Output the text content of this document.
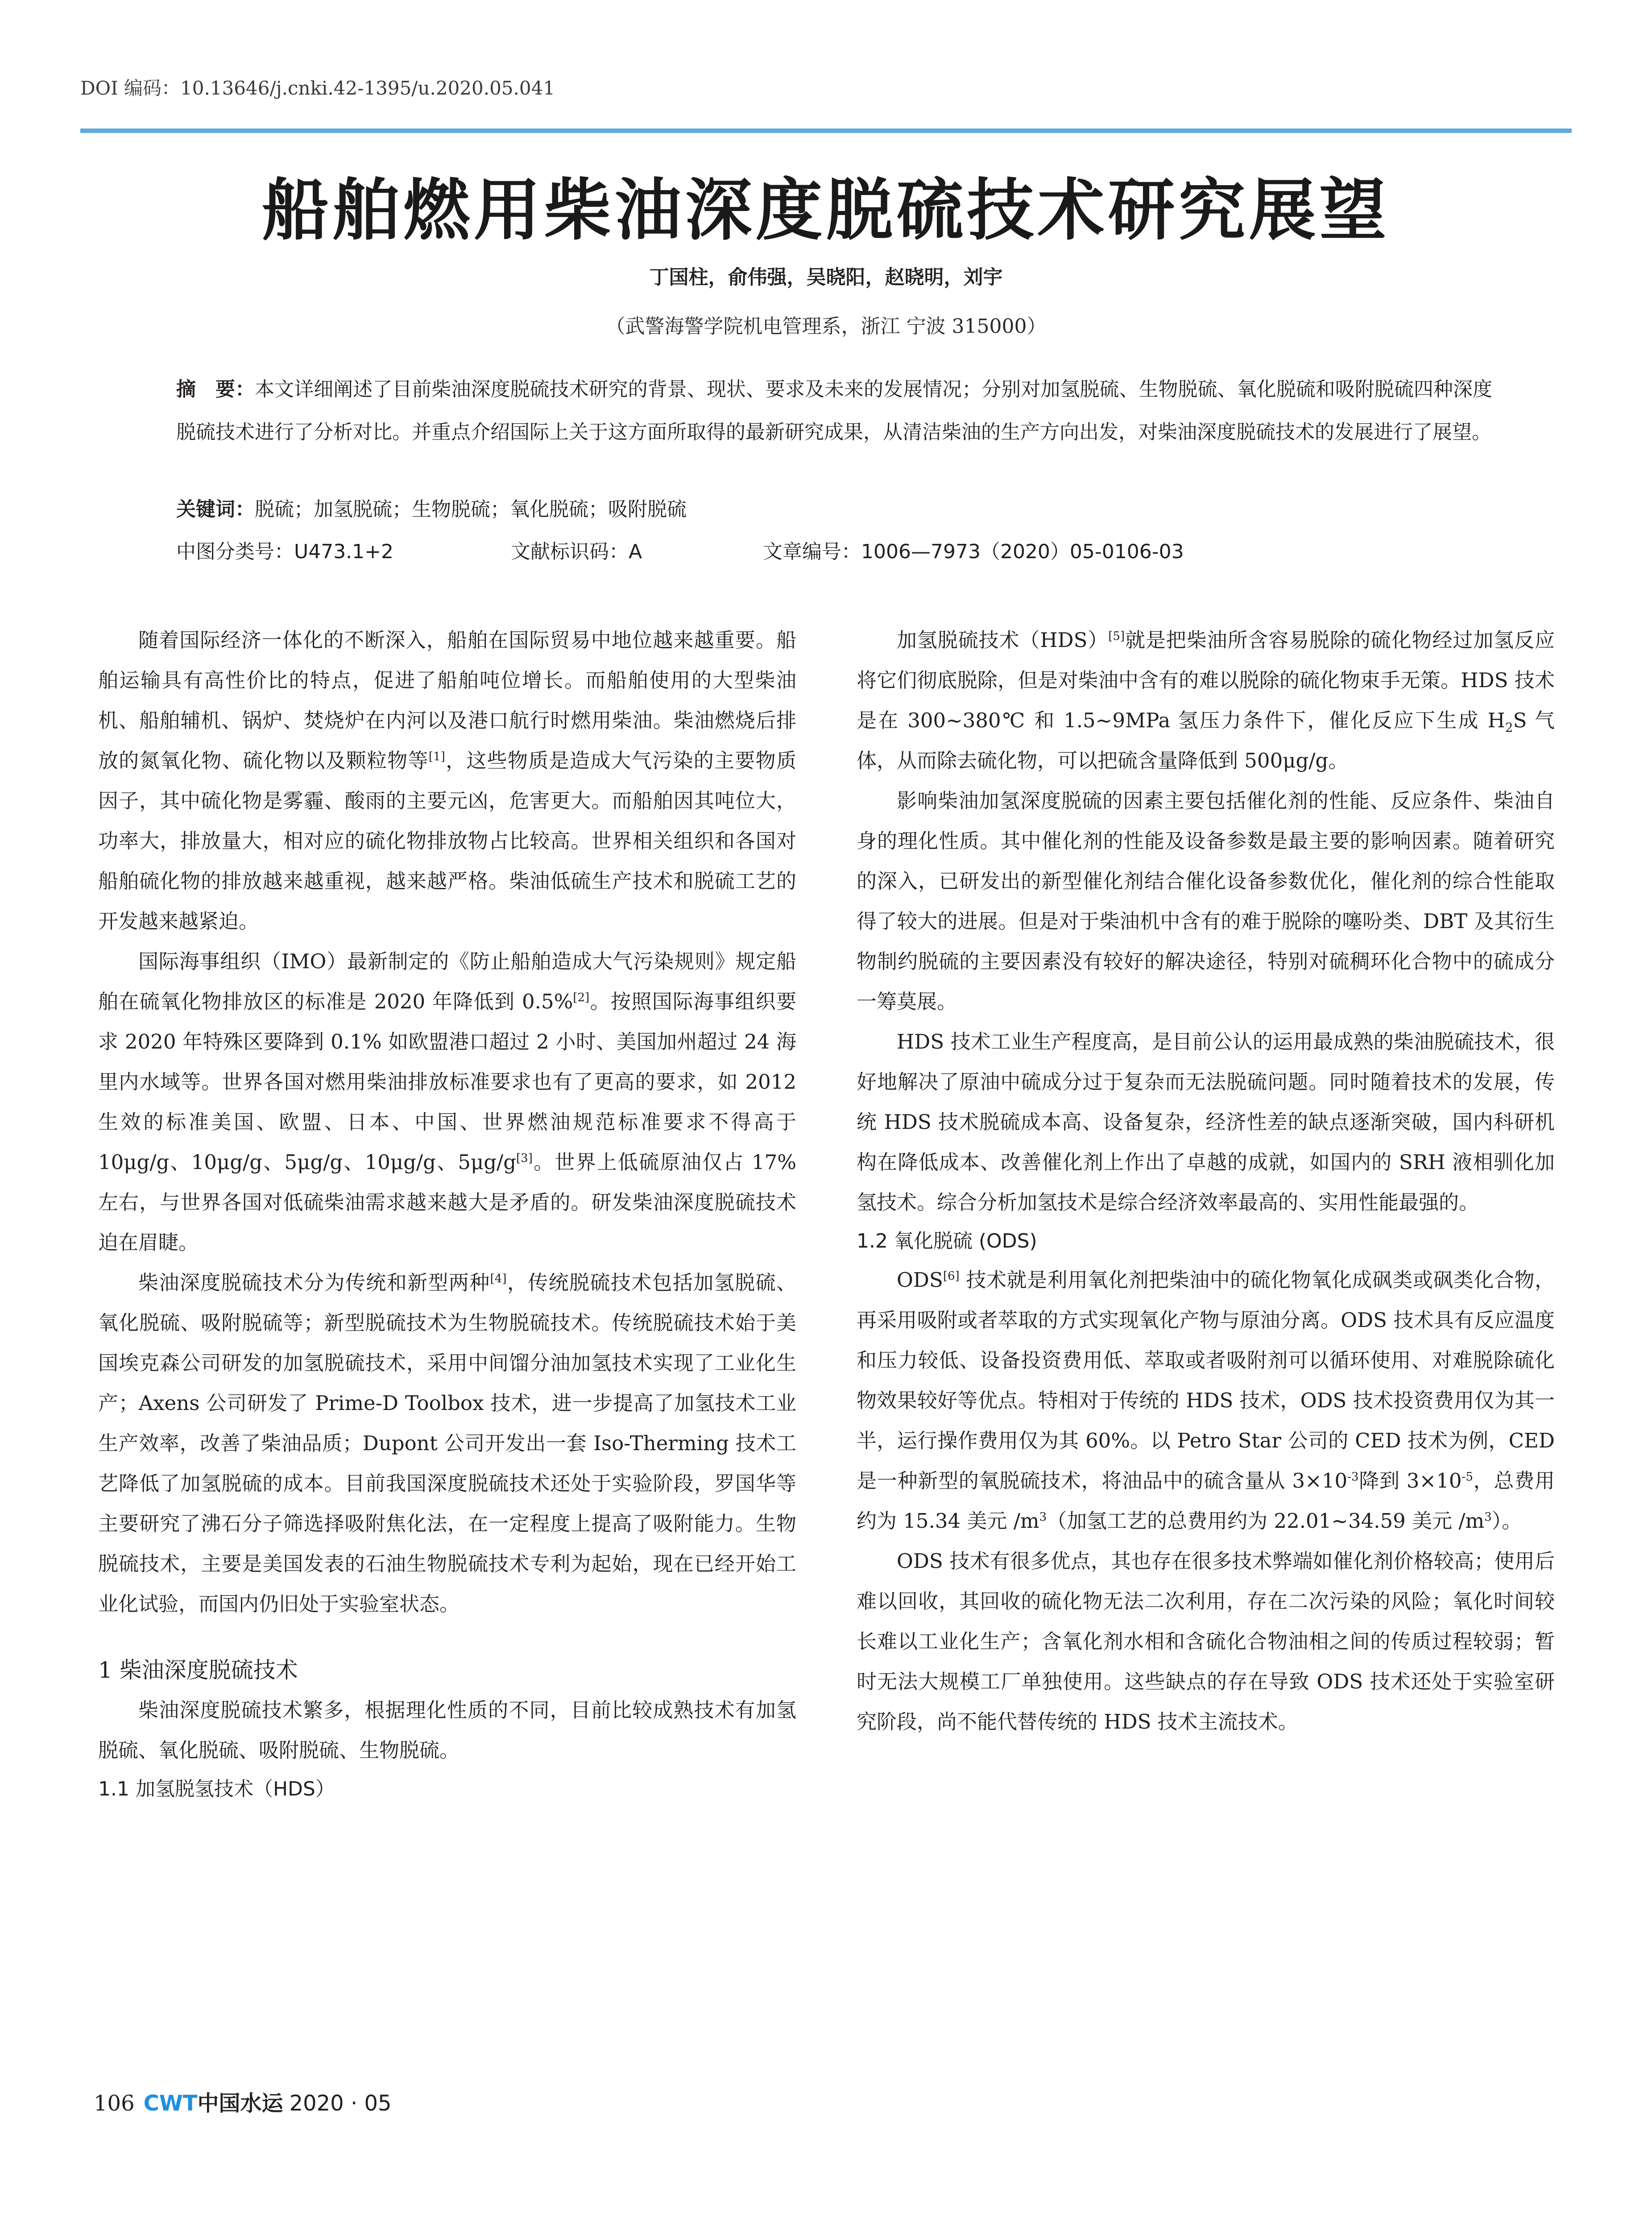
DOI 编码：10.13646/j.cnki.42-1395/u.2020.05.041
船舶燃用柴油深度脱硫技术研究展望
丁国柱，俞伟强，吴晓阳，赵晓明，刘宇
（武警海警学院机电管理系，浙江 宁波 315000）
摘　要：本文详细阐述了目前柴油深度脱硫技术研究的背景、现状、要求及未来的发展情况；分别对加氢脱硫、生物脱硫、氧化脱硫和吸附脱硫四种深度脱硫技术进行了分析对比。并重点介绍国际上关于这方面所取得的最新研究成果，从清洁柴油的生产方向出发，对柴油深度脱硫技术的发展进行了展望。
关键词：脱硫；加氢脱硫；生物脱硫；氧化脱硫；吸附脱硫
中图分类号：U473.1+2	文献标识码：A	文章编号：1006—7973（2020）05-0106-03

随着国际经济一体化的不断深入，船舶在国际贸易中地位越来越重要。船舶运输具有高性价比的特点，促进了船舶吨位增长。而船舶使用的大型柴油机、船舶辅机、锅炉、焚烧炉在内河以及港口航行时燃用柴油。柴油燃烧后排放的氮氧化物、硫化物以及颗粒物等[1]，这些物质是造成大气污染的主要物质因子，其中硫化物是雾霾、酸雨的主要元凶，危害更大。而船舶因其吨位大，功率大，排放量大，相对应的硫化物排放物占比较高。世界相关组织和各国对船舶硫化物的排放越来越重视，越来越严格。柴油低硫生产技术和脱硫工艺的开发越来越紧迫。

国际海事组织（IMO）最新制定的《防止船舶造成大气污染规则》规定船舶在硫氧化物排放区的标准是 2020 年降低到 0.5%[2]。按照国际海事组织要求 2020 年特殊区要降到 0.1% 如欧盟港口超过 2 小时、美国加州超过 24 海里内水域等。世界各国对燃用柴油排放标准要求也有了更高的要求，如 2012 生效的标准美国、欧盟、日本、中国、世界燃油规范标准要求不得高于 10μg/g、10μg/g、5μg/g、10μg/g、5μg/g[3]。世界上低硫原油仅占 17% 左右，与世界各国对低硫柴油需求越来越大是矛盾的。研发柴油深度脱硫技术迫在眉睫。

柴油深度脱硫技术分为传统和新型两种[4]，传统脱硫技术包括加氢脱硫、氧化脱硫、吸附脱硫等；新型脱硫技术为生物脱硫技术。传统脱硫技术始于美国埃克森公司研发的加氢脱硫技术，采用中间馏分油加氢技术实现了工业化生产；Axens 公司研发了 Prime-D Toolbox 技术，进一步提高了加氢技术工业生产效率，改善了柴油品质；Dupont 公司开发出一套 Iso-Therming 技术工艺降低了加氢脱硫的成本。目前我国深度脱硫技术还处于实验阶段，罗国华等主要研究了沸石分子筛选择吸附焦化法，在一定程度上提高了吸附能力。生物脱硫技术，主要是美国发表的石油生物脱硫技术专利为起始，现在已经开始工业化试验，而国内仍旧处于实验室状态。

1 柴油深度脱硫技术

柴油深度脱硫技术繁多，根据理化性质的不同，目前比较成熟技术有加氢脱硫、氧化脱硫、吸附脱硫、生物脱硫。

1.1 加氢脱氢技术（HDS）

加氢脱硫技术（HDS）[5]就是把柴油所含容易脱除的硫化物经过加氢反应将它们彻底脱除，但是对柴油中含有的难以脱除的硫化物束手无策。HDS 技术是在 300~380℃ 和 1.5~9MPa 氢压力条件下，催化反应下生成 $H_2S$ 气体，从而除去硫化物，可以把硫含量降低到 500μg/g。

影响柴油加氢深度脱硫的因素主要包括催化剂的性能、反应条件、柴油自身的理化性质。其中催化剂的性能及设备参数是最主要的影响因素。随着研究的深入，已研发出的新型催化剂结合催化设备参数优化，催化剂的综合性能取得了较大的进展。但是对于柴油机中含有的难于脱除的噻吩类、DBT 及其衍生物制约脱硫的主要因素没有较好的解决途径，特别对硫稠环化合物中的硫成分一筹莫展。

HDS 技术工业生产程度高，是目前公认的运用最成熟的柴油脱硫技术，很好地解决了原油中硫成分过于复杂而无法脱硫问题。同时随着技术的发展，传统 HDS 技术脱硫成本高、设备复杂，经济性差的缺点逐渐突破，国内科研机构在降低成本、改善催化剂上作出了卓越的成就，如国内的 SRH 液相驯化加氢技术。综合分析加氢技术是综合经济效率最高的、实用性能最强的。

1.2 氧化脱硫 (ODS)

ODS[6] 技术就是利用氧化剂把柴油中的硫化物氧化成砜类或砜类化合物，再采用吸附或者萃取的方式实现氧化产物与原油分离。ODS 技术具有反应温度和压力较低、设备投资费用低、萃取或者吸附剂可以循环使用、对难脱除硫化物效果较好等优点。特相对于传统的 HDS 技术，ODS 技术投资费用仅为其一半，运行操作费用仅为其 60%。以 Petro Star 公司的 CED 技术为例，CED 是一种新型的氧脱硫技术，将油品中的硫含量从 $3\times 10^{-3}$降到 $3\times 10^{-5}$，总费用约为 15.34 美元 $/m^3$（加氢工艺的总费用约为 22.01~34.59 美元 $/m^3$）。

ODS 技术有很多优点，其也存在很多技术弊端如催化剂价格较高；使用后难以回收，其回收的硫化物无法二次利用，存在二次污染的风险；氧化时间较长难以工业化生产；含氧化剂水相和含硫化合物油相之间的传质过程较弱；暂时无法大规模工厂单独使用。这些缺点的存在导致 ODS 技术还处于实验室研究阶段，尚不能代替传统的 HDS 技术主流技术。

106 CWT中国水运 2020 · 05
